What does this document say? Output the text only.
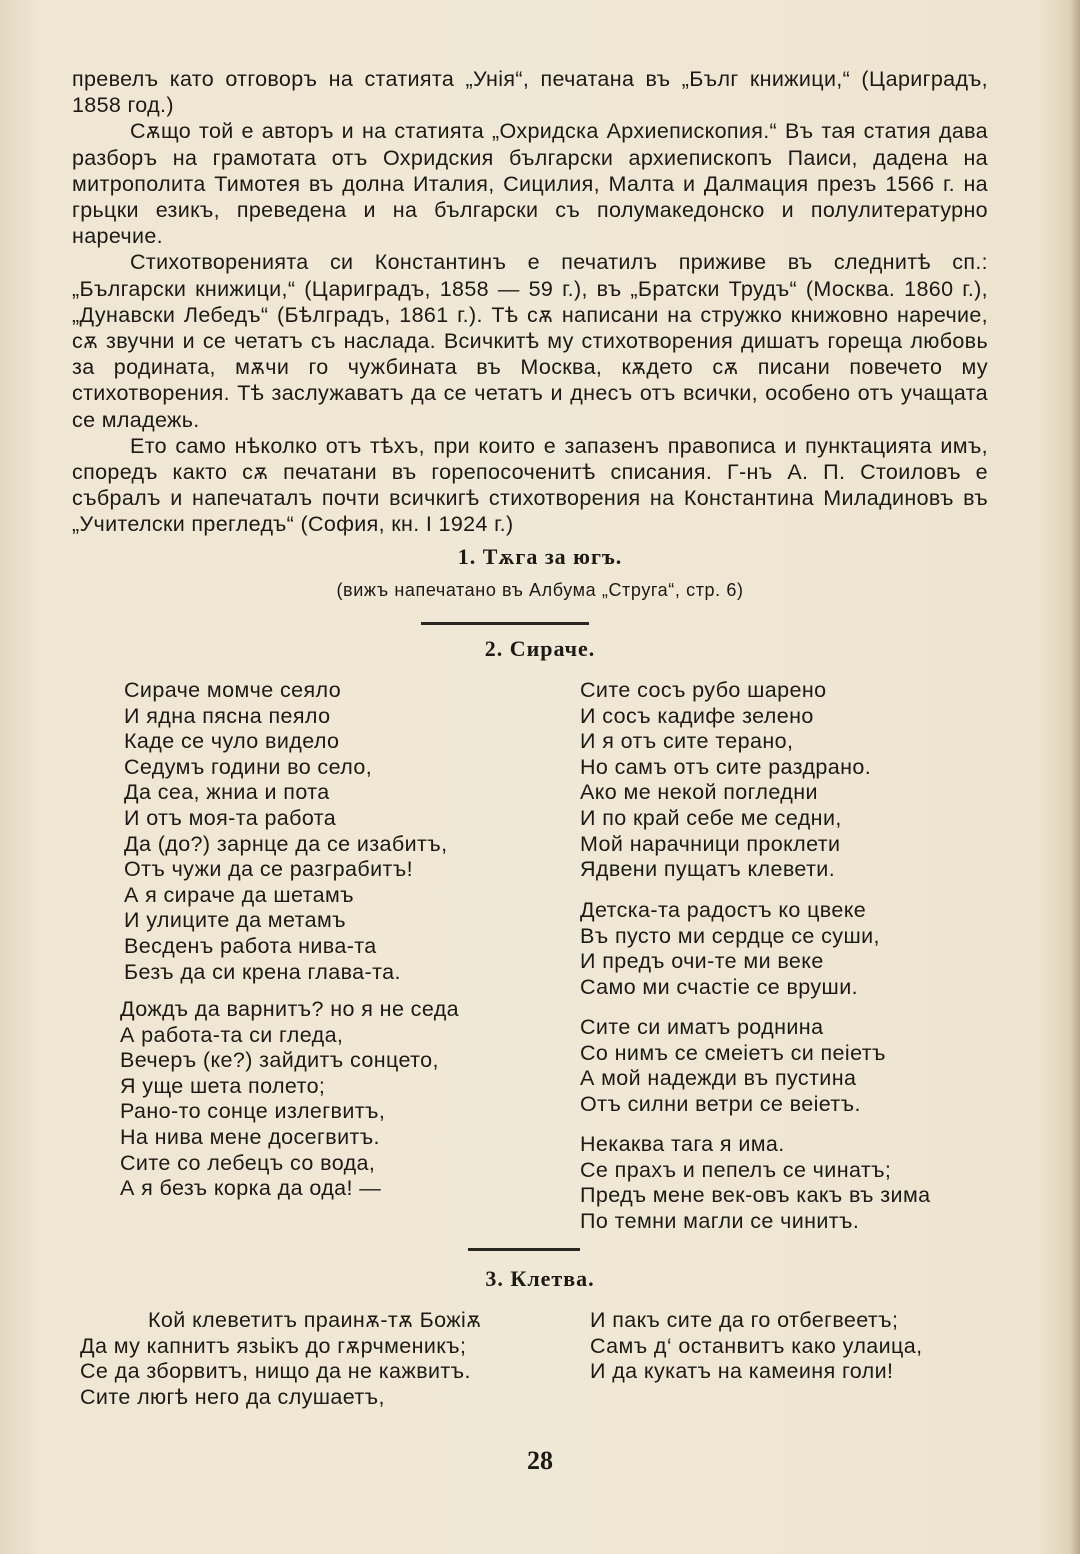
превелъ като отговоръ на статията „Унiя“, печатана въ „Бълг книжици,“ (Цариградъ, 1858 год.)

Сѫщо той е авторъ и на статията „Охридска Архиепископия.“ Въ тая статия дава разборъ на грамотата отъ Охридския български архиепископъ Паиси, дадена на митрополита Тимотея въ долна Италия, Сицилия, Малта и Далмация презъ 1566 г. на грьцки езикъ, преведена и на български съ полумакедонско и полулитературно наречие.

Стихотворенията си Константинъ е печатилъ приживе въ следнитѣ сп.: „Български книжици,“ (Цариградъ, 1858 — 59 г.), въ „Братски Трудъ“ (Москва. 1860 г.), „Дунавски Лебедъ“ (Бѣлградъ, 1861 г.). Тѣ сѫ написани на стружко книжовно наречие, сѫ звучни и се четатъ съ наслада. Всичкитѣ му стихотворения дишатъ гореща любовь за родината, мѫчи го чужбината въ Москва, кѫдето сѫ писани повечето му стихотворения. Тѣ заслужаватъ да се четатъ и днесъ отъ всички, особено отъ учащата се младежь.

Ето само нѣколко отъ тѣхъ, при които е запазенъ правописа и пунктацията имъ, споредъ както сѫ печатани въ горепосоченитѣ списания. Г-нъ А. П. Стоиловъ е събралъ и напечаталъ почти всичкигѣ стихотворения на Константина Миладиновъ въ „Учителски прегледъ“ (София, кн. I 1924 г.)

1. Тѫга за югъ.
(вижъ напечатано въ Албума „Струга“, стр. 6)
2. Сираче.
Сираче момче сеяло
И ядна пясна пеяло
Каде се чуло видело
Седумъ години во село,
Да сеа, жниа и пота
И отъ моя-та работа
Да (до?) зарнце да се изабитъ,
Отъ чужи да се разграбитъ!
А я сираче да шетамъ
И улиците да метамъ
Весденъ работа нива-та
Безъ да си крена глава-та.
Дождъ да варнитъ? но я не седа
А работа-та си гледа,
Вечеръ (ке?) зайдитъ сонцето,
Я уще шета полето;
Рано-то сонце излегвитъ,
На нива мене досегвитъ.
Сите со лебецъ со вода,
А я безъ корка да ода! —
Сите сосъ рубо шарено
И сосъ кадифе зелено
И я отъ сите терано,
Но самъ отъ сите раздрано.
Ако ме некой погледни
И по край себе ме седни,
Мой нарачници проклети
Ядвени пущатъ клевети.
Детска-та радостъ ко цвеке
Въ пусто ми сердце се суши,
И предъ очи-те ми веке
Само ми счастiе се вруши.
Сите си иматъ роднина
Со нимъ се смеiетъ си пеiетъ
А мой надежди въ пустина
Отъ силни ветри се веiетъ.
Некаква тага я има.
Се прахъ и пепелъ се чинатъ;
Предъ мене век-овъ какъ въ зима
По темни магли се чинитъ.
3. Клетва.
Кой клеветитъ праинѫ-тѫ Божiѫ
Да му капнитъ язьiкъ до гѫрчменикъ;
Се да зборвитъ, нищо да не кажвитъ.
Сите люгѣ него да слушаетъ,
И пакъ сите да го отбегвеетъ;
Самъ д‘ останвитъ како улаица,
И да кукатъ на камеиня голи!
28
